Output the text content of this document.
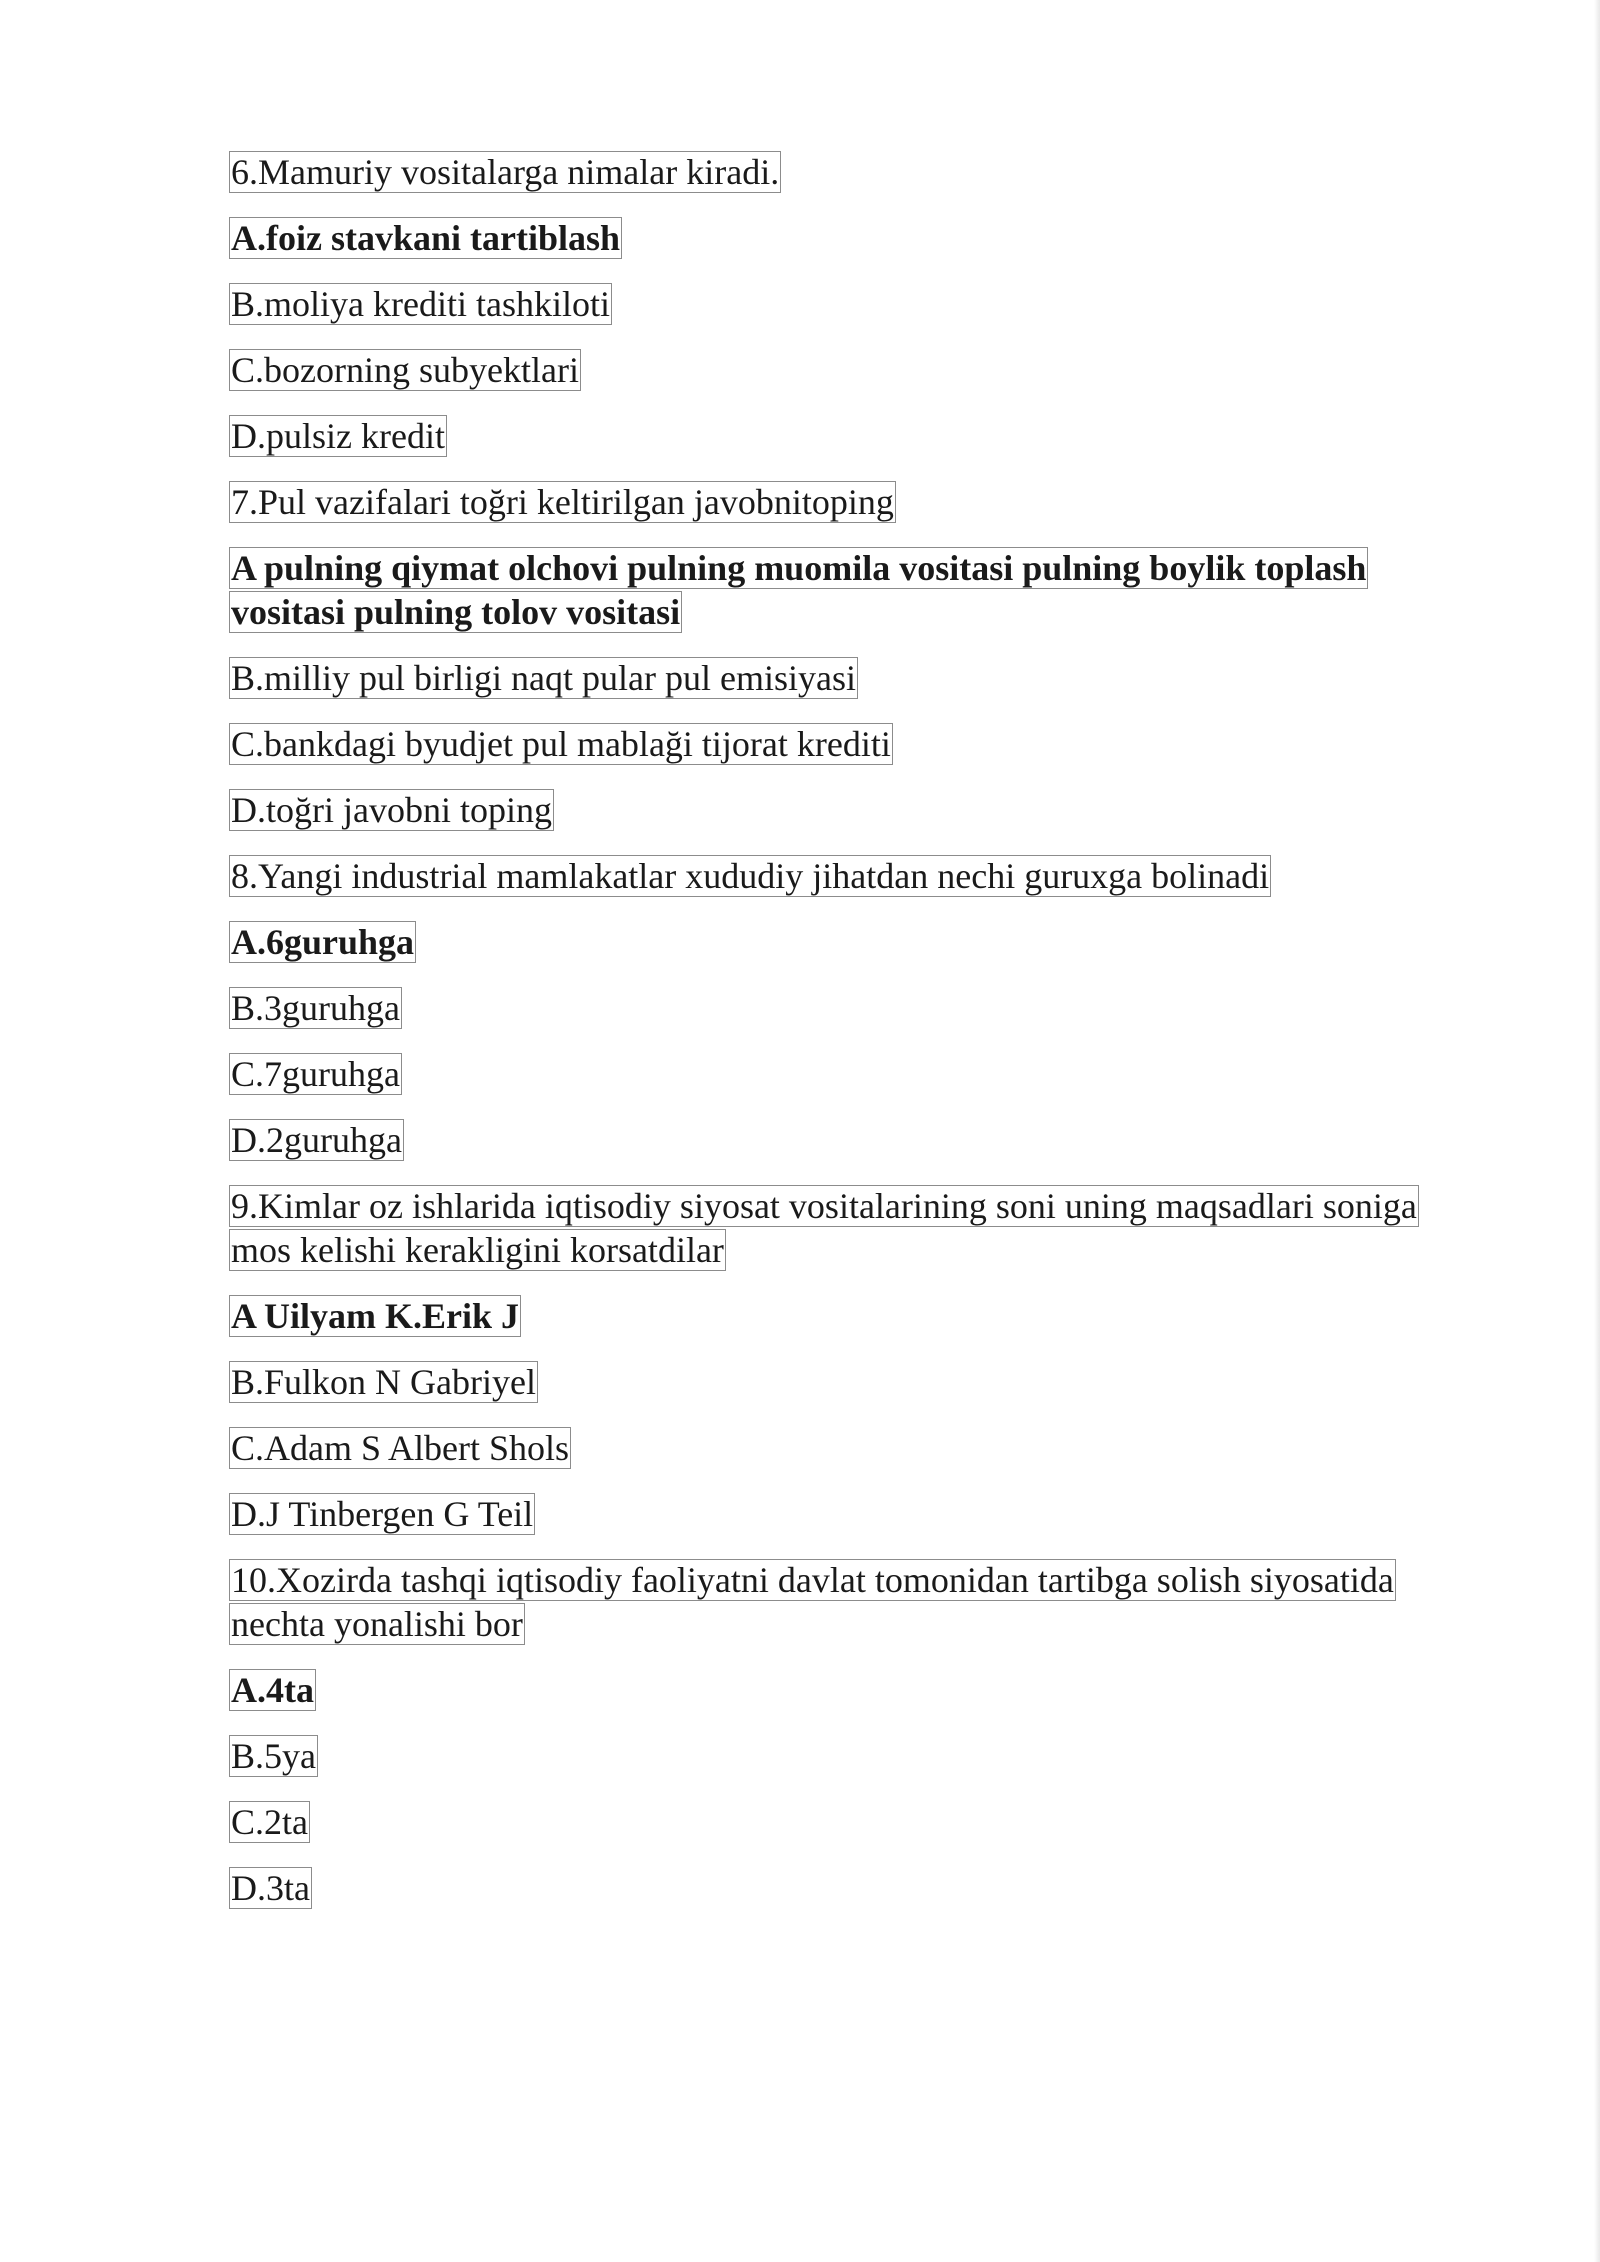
6.Mamuriy vositalarga nimalar kiradi.
A.foiz stavkani tartiblash
B.moliya krediti tashkiloti
C.bozorning subyektlari
D.pulsiz kredit
7.Pul vazifalari toğri keltirilgan javobnitoping
A pulning qiymat olchovi pulning muomila vositasi pulning boylik toplash vositasi pulning tolov vositasi
B.milliy pul birligi naqt pular pul emisiyasi
C.bankdagi byudjet pul mablaği tijorat krediti
D.toğri javobni toping
8.Yangi industrial mamlakatlar xududiy jihatdan nechi guruxga bolinadi
A.6guruhga
B.3guruhga
C.7guruhga
D.2guruhga
9.Kimlar oz ishlarida iqtisodiy siyosat vositalarining soni uning maqsadlari soniga mos kelishi kerakligini korsatdilar
A Uilyam K.Erik J
B.Fulkon N Gabriyel
C.Adam S Albert Shols
D.J Tinbergen G Teil
10.Xozirda tashqi iqtisodiy faoliyatni davlat tomonidan tartibga solish siyosatida nechta yonalishi bor
A.4ta
B.5ya
C.2ta
D.3ta
